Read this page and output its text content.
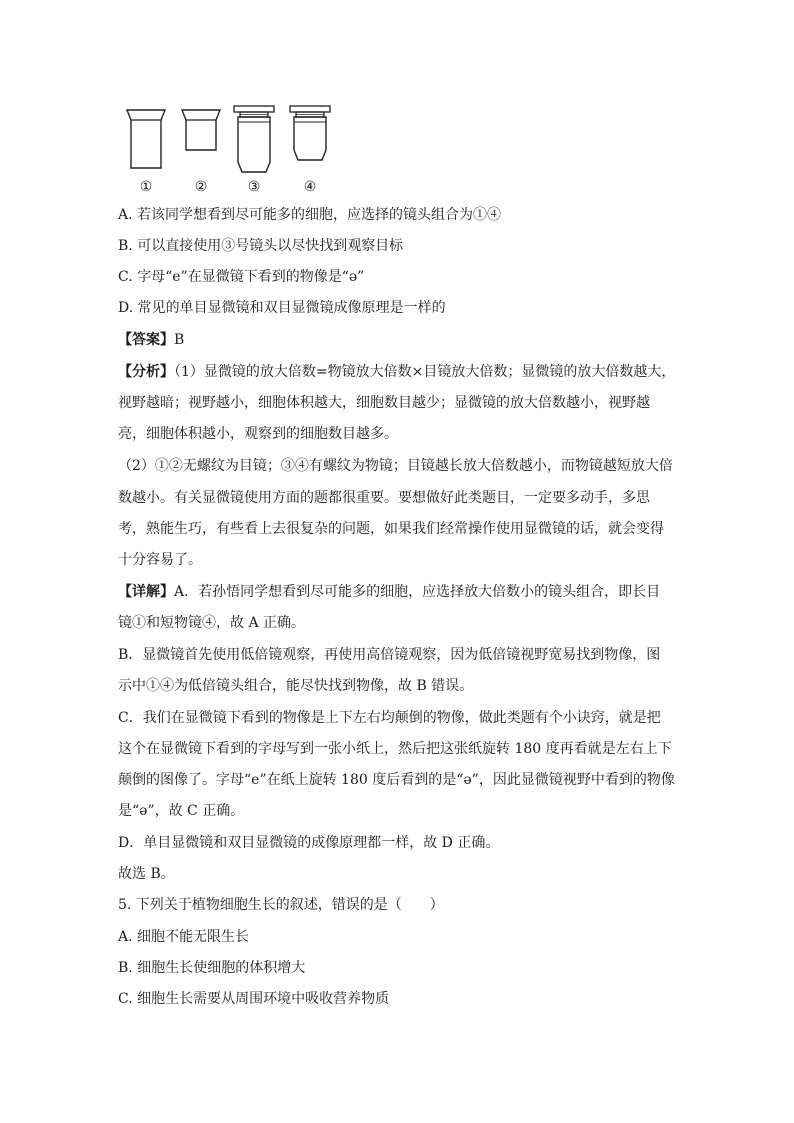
①	②	③	④
A. 若该同学想看到尽可能多的细胞，应选择的镜头组合为①④
B. 可以直接使用③号镜头以尽快找到观察目标
C. 字母“e”在显微镜下看到的物像是“ә”
D. 常见的单目显微镜和双目显微镜成像原理是一样的
【答案】B
【分析】（1）显微镜的放大倍数=物镜放大倍数×目镜放大倍数；显微镜的放大倍数越大，
视野越暗；视野越小，细胞体积越大，细胞数目越少；显微镜的放大倍数越小，视野越
亮，细胞体积越小，观察到的细胞数目越多。
（2）①②无螺纹为目镜；③④有螺纹为物镜；目镜越长放大倍数越小，而物镜越短放大倍
数越小。有关显微镜使用方面的题都很重要。要想做好此类题目，一定要多动手，多思
考，熟能生巧，有些看上去很复杂的问题，如果我们经常操作使用显微镜的话，就会变得
十分容易了。
【详解】A．若孙悟同学想看到尽可能多的细胞，应选择放大倍数小的镜头组合，即长目
镜①和短物镜④，故 A 正确。
B．显微镜首先使用低倍镜观察，再使用高倍镜观察，因为低倍镜视野宽易找到物像，图
示中①④为低倍镜头组合，能尽快找到物像，故 B 错误。
C．我们在显微镜下看到的物像是上下左右均颠倒的物像，做此类题有个小诀窍，就是把
这个在显微镜下看到的字母写到一张小纸上，然后把这张纸旋转 180 度再看就是左右上下
颠倒的图像了。字母“e”在纸上旋转 180 度后看到的是“ә”，因此显微镜视野中看到的物像
是“ә”，故 C 正确。
D．单目显微镜和双目显微镜的成像原理都一样，故 D 正确。
故选 B。
5. 下列关于植物细胞生长的叙述，错误的是（　　）
A. 细胞不能无限生长
B. 细胞生长使细胞的体积增大
C. 细胞生长需要从周围环境中吸收营养物质
